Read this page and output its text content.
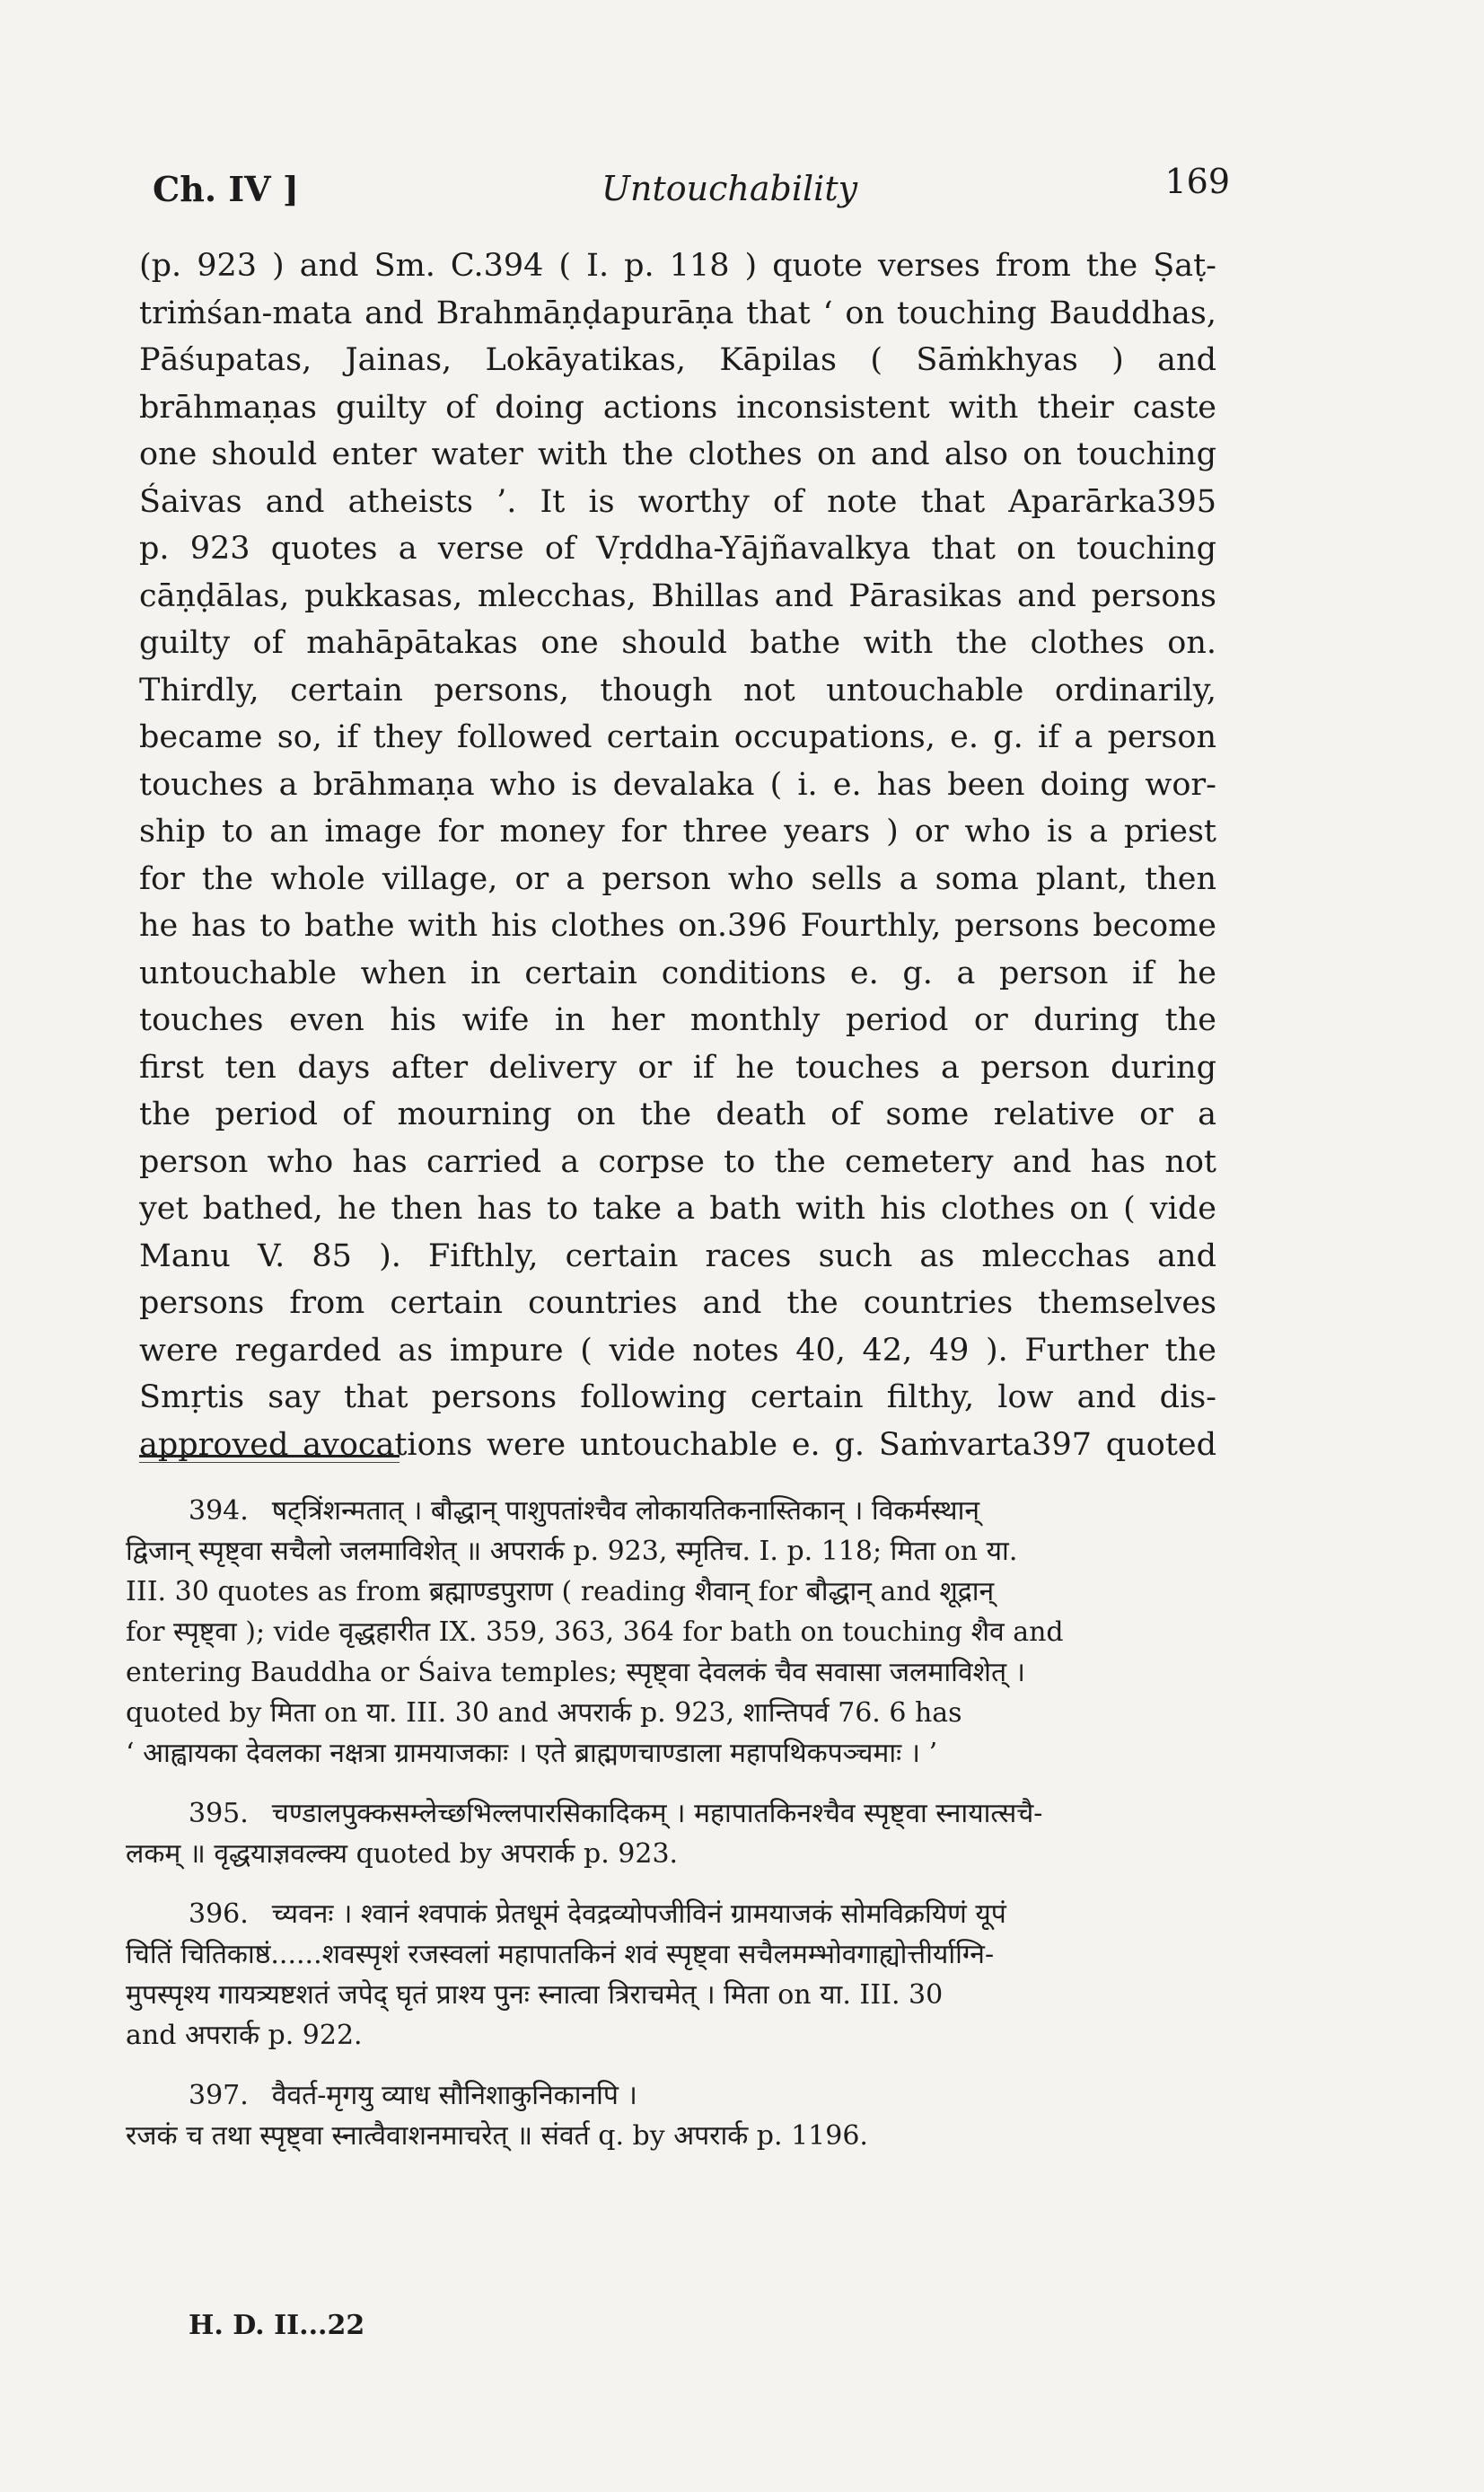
Ch. IV ]	Untouchability	169
(p. 923 ) and Sm. C.394 ( I. p. 118 ) quote verses from the Ṣaṭ-
triṁśan-mata and Brahmāṇḍapurāṇa that ‘ on touching Bauddhas,
Pāśupatas, Jainas, Lokāyatikas, Kāpilas ( Sāṁkhyas ) and
brāhmaṇas guilty of doing actions inconsistent with their caste
one should enter water with the clothes on and also on touching
Śaivas and atheists ’. It is worthy of note that Aparārka395
p. 923 quotes a verse of Vṛddha-Yājñavalkya that on touching
cāṇḍālas, pukkasas, mlecchas, Bhillas and Pārasikas and persons
guilty of mahāpātakas one should bathe with the clothes on.
Thirdly, certain persons, though not untouchable ordinarily,
became so, if they followed certain occupations, e. g. if a person
touches a brāhmaṇa who is devalaka ( i. e. has been doing wor-
ship to an image for money for three years ) or who is a priest
for the whole village, or a person who sells a soma plant, then
he has to bathe with his clothes on.396 Fourthly, persons become
untouchable when in certain conditions e. g. a person if he
touches even his wife in her monthly period or during the
first ten days after delivery or if he touches a person during
the period of mourning on the death of some relative or a
person who has carried a corpse to the cemetery and has not
yet bathed, he then has to take a bath with his clothes on ( vide
Manu V. 85 ). Fifthly, certain races such as mlecchas and
persons from certain countries and the countries themselves
were regarded as impure ( vide notes 40, 42, 49 ). Further the
Smṛtis say that persons following certain filthy, low and dis-
approved avocations were untouchable e. g. Saṁvarta397 quoted
394. षट्त्रिंशन्मतात् । बौद्धान् पाशुपतांश्चैव लोकायतिकनास्तिकान् । विकर्मस्थान्
द्विजान् स्पृष्ट्वा सचैलो जलमाविशेत् ॥ अपरार्क p. 923, स्मृतिच. I. p. 118; मिता on या.
III. 30 quotes as from ब्रह्माण्डपुराण ( reading शैवान् for बौद्धान् and शूद्रान्
for स्पृष्ट्वा ); vide वृद्धहारीत IX. 359, 363, 364 for bath on touching शैव and
entering Bauddha or Śaiva temples; स्पृष्ट्वा देवलकं चैव सवासा जलमाविशेत् ।
quoted by मिता on या. III. 30 and अपरार्क p. 923, शान्तिपर्व 76. 6 has
‘ आह्वायका देवलका नक्षत्रा ग्रामयाजकाः । एते ब्राह्मणचाण्डाला महापथिकपञ्चमाः । ’
395. चण्डालपुक्कसम्लेच्छभिल्लपारसिकादिकम् । महापातकिनश्चैव स्पृष्ट्वा स्नायात्सचै-
लकम् ॥ वृद्धयाज्ञवल्क्य quoted by अपरार्क p. 923.
396. च्यवनः । श्वानं श्वपाकं प्रेतधूमं देवद्रव्योपजीविनं ग्रामयाजकं सोमविक्रयिणं यूपं
चितिं चितिकाष्ठं......शवस्पृशं रजस्वलां महापातकिनं शवं स्पृष्ट्वा सचैलमम्भोवगाह्योत्तीर्याग्नि-
मुपस्पृश्य गायत्र्यष्टशतं जपेद् घृतं प्राश्य पुनः स्नात्वा त्रिराचमेत् । मिता on या. III. 30
and अपरार्क p. 922.
397. वैवर्त-मृगयु व्याध सौनिशाकुनिकानपि ।
रजकं च तथा स्पृष्ट्वा स्नात्वैवाशनमाचरेत् ॥ संवर्त q. by अपरार्क p. 1196.
H. D. II...22
